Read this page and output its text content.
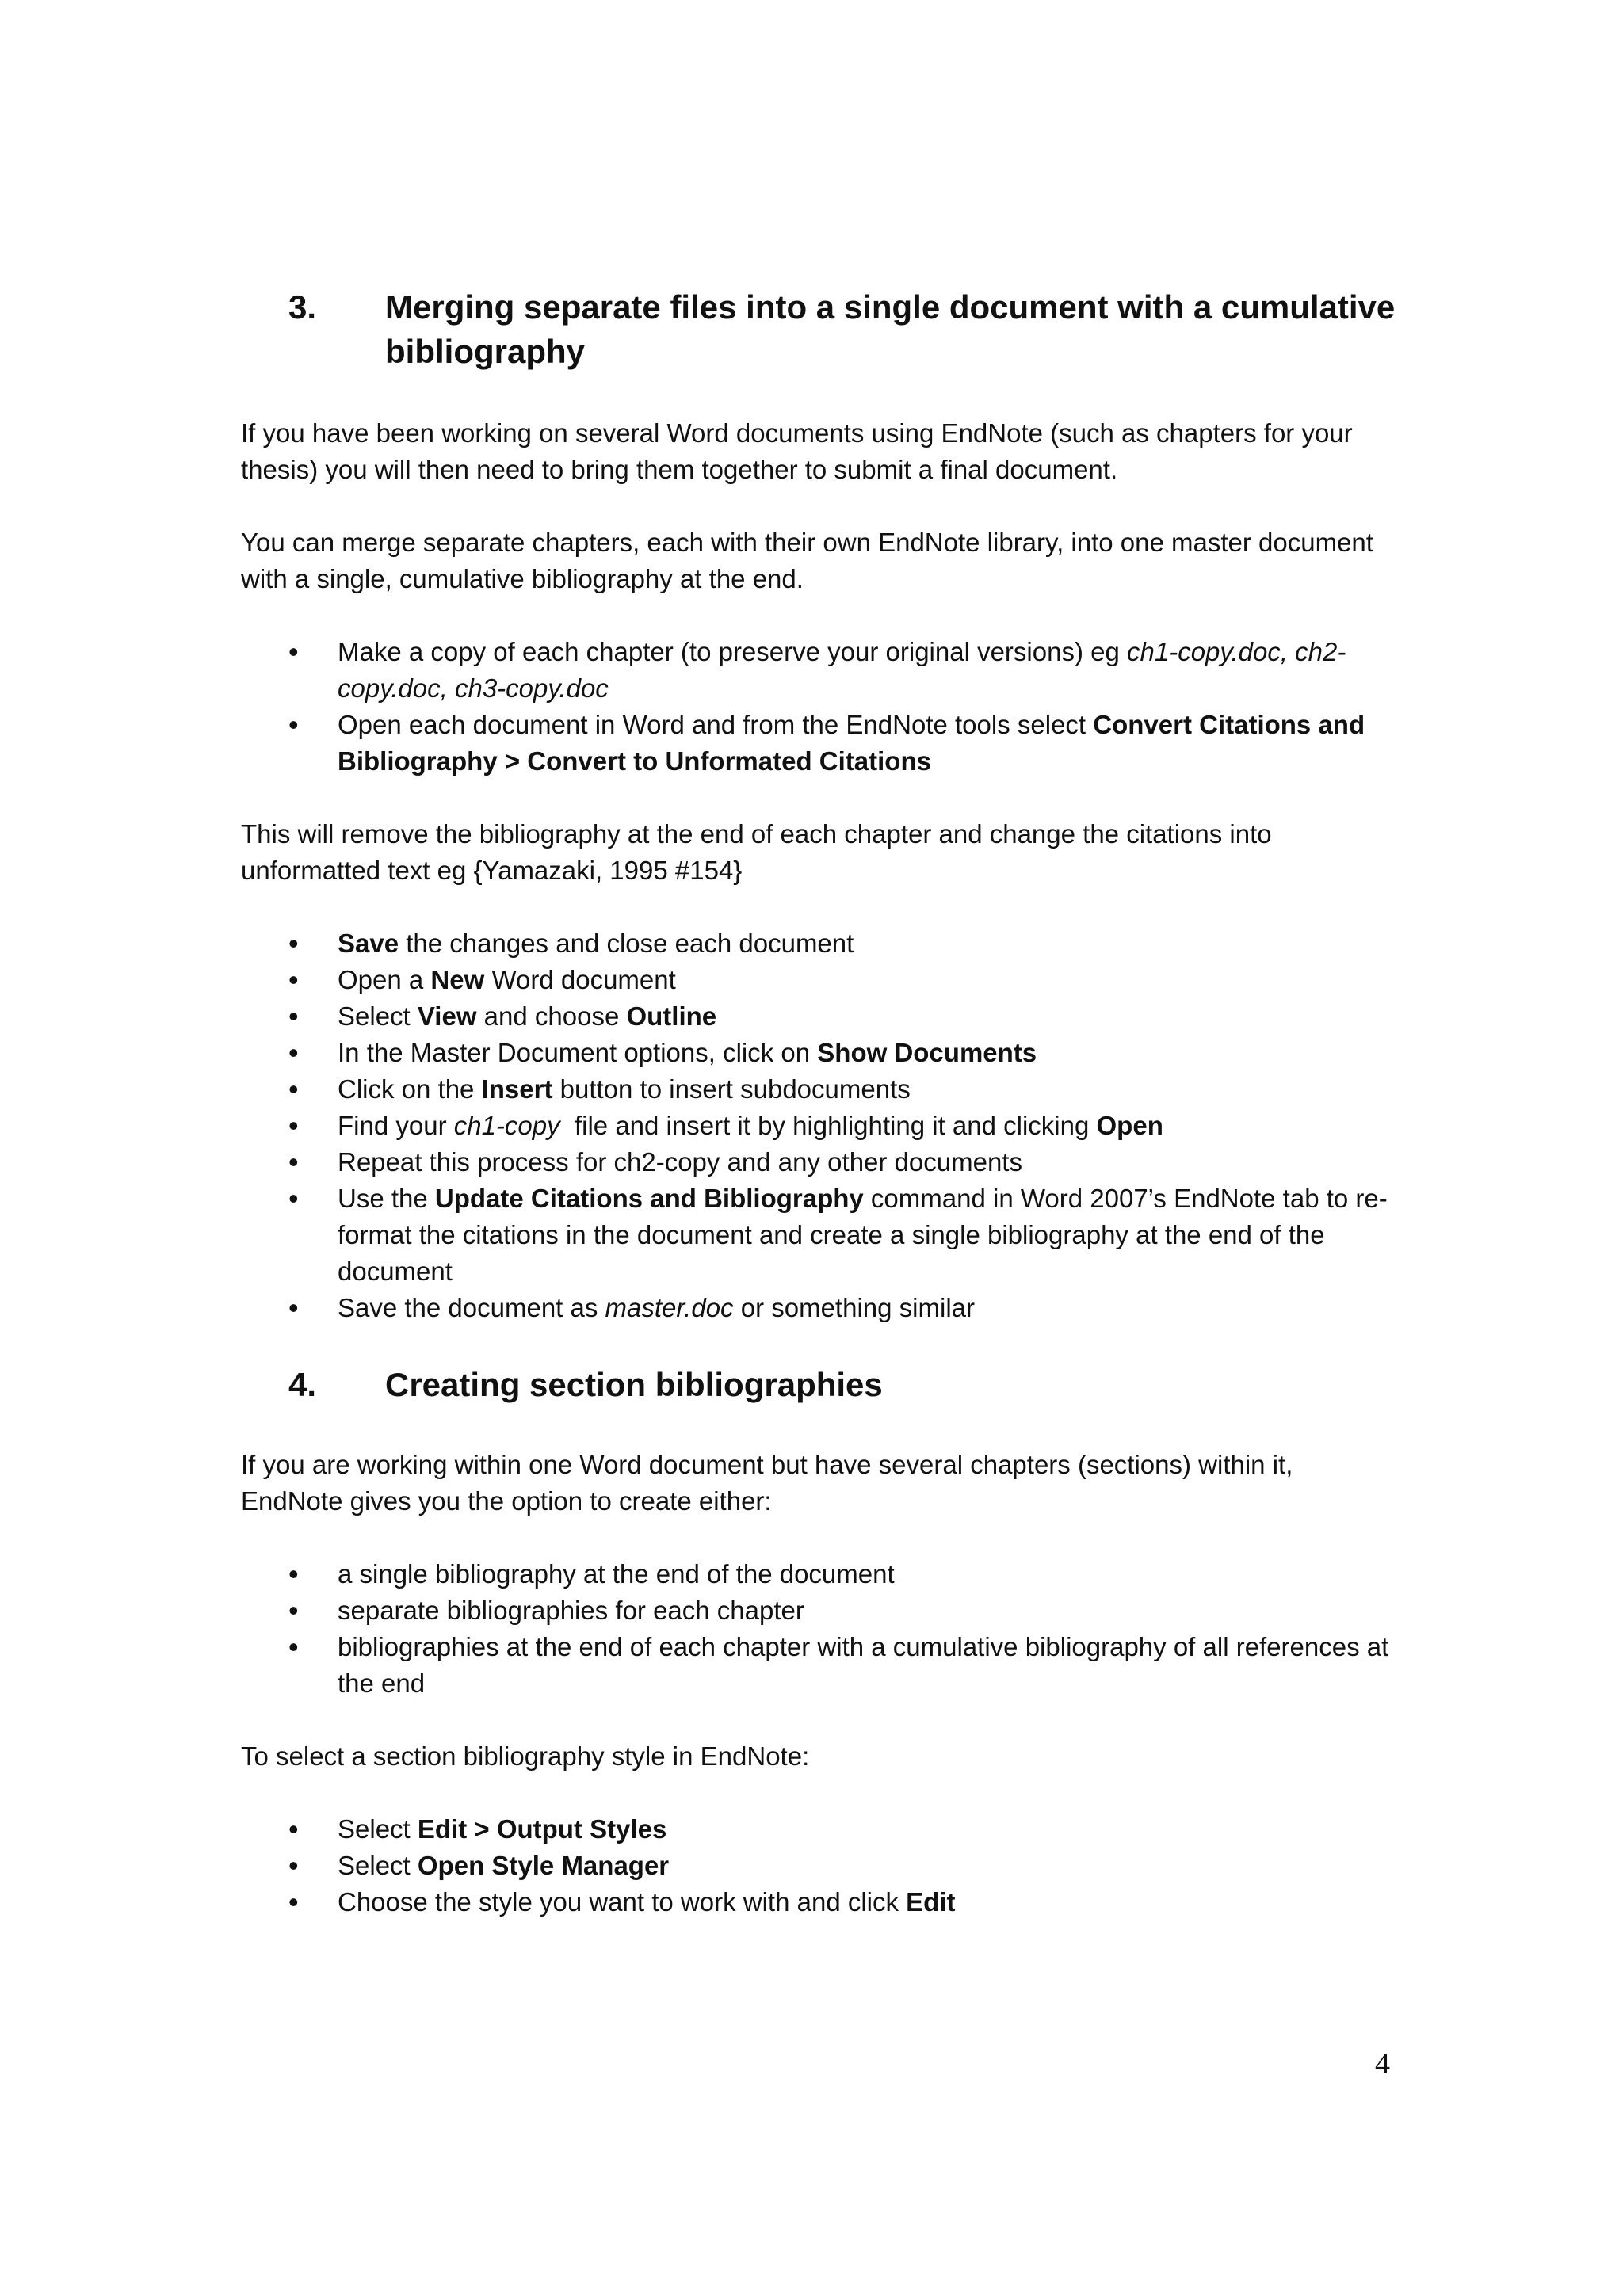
3.	Merging separate files into a single document with a cumulative bibliography

If you have been working on several Word documents using EndNote (such as chapters for your thesis) you will then need to bring them together to submit a final document.

You can merge separate chapters, each with their own EndNote library, into one master document with a single, cumulative bibliography at the end.

• Make a copy of each chapter (to preserve your original versions) eg ch1-copy.doc, ch2-copy.doc, ch3-copy.doc
• Open each document in Word and from the EndNote tools select Convert Citations and Bibliography > Convert to Unformated Citations

This will remove the bibliography at the end of each chapter and change the citations into unformatted text eg {Yamazaki, 1995 #154}

• Save the changes and close each document
• Open a New Word document
• Select View and choose Outline
• In the Master Document options, click on Show Documents
• Click on the Insert button to insert subdocuments
• Find your ch1-copy  file and insert it by highlighting it and clicking Open
• Repeat this process for ch2-copy and any other documents
• Use the Update Citations and Bibliography command in Word 2007’s EndNote tab to re-format the citations in the document and create a single bibliography at the end of the document
• Save the document as master.doc or something similar
4.	Creating section bibliographies

If you are working within one Word document but have several chapters (sections) within it, EndNote gives you the option to create either:

• a single bibliography at the end of the document
• separate bibliographies for each chapter
• bibliographies at the end of each chapter with a cumulative bibliography of all references at the end

To select a section bibliography style in EndNote:

• Select Edit > Output Styles
• Select Open Style Manager
• Choose the style you want to work with and click Edit
4
